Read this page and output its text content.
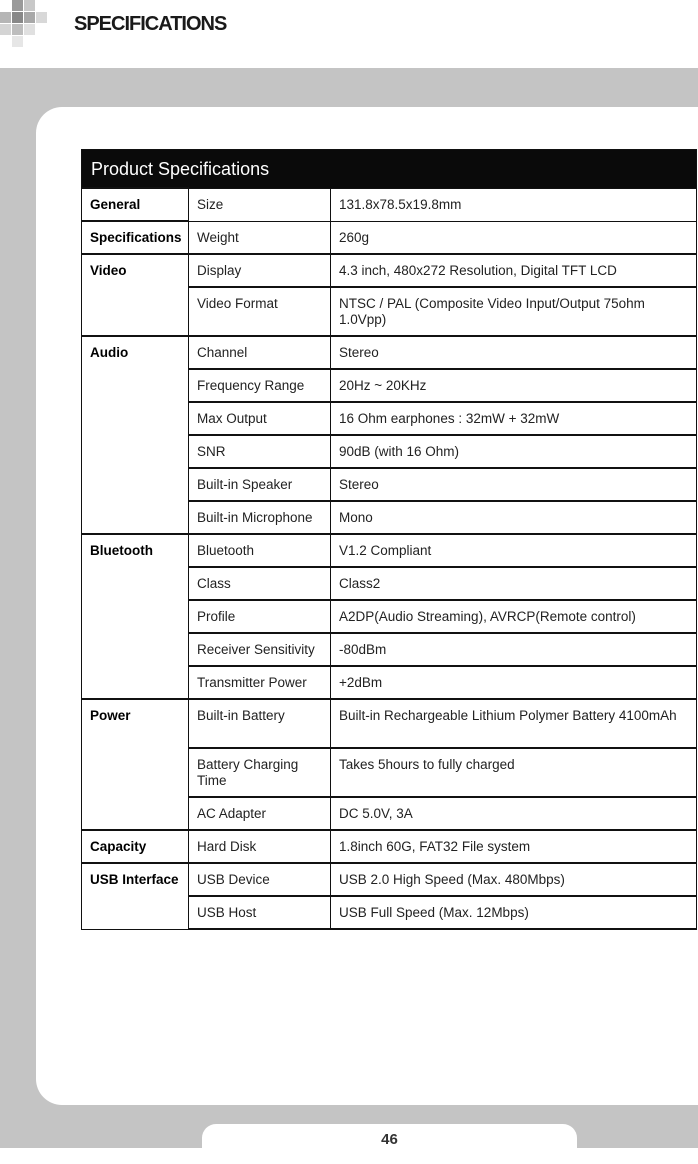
SPECIFICATIONS
Product Specifications		
General	Size	131.8x78.5x19.8mm
Specifications	Weight	260g
Video	Display	4.3 inch, 480x272 Resolution, Digital TFT LCD
	Video Format	NTSC / PAL (Composite Video Input/Output 75ohm 1.0Vpp)
Audio	Channel	Stereo
	Frequency Range	20Hz ~ 20KHz
	Max Output	16 Ohm earphones : 32mW + 32mW
	SNR	90dB (with 16 Ohm)
	Built-in Speaker	Stereo
	Built-in Microphone	Mono
Bluetooth	Bluetooth	V1.2 Compliant
	Class	Class2
	Profile	A2DP(Audio Streaming), AVRCP(Remote control)
	Receiver Sensitivity	-80dBm
	Transmitter Power	+2dBm
Power	Built-in Battery	Built-in Rechargeable Lithium Polymer Battery 4100mAh
	Battery Charging Time	Takes 5hours to fully charged
	AC Adapter	DC 5.0V, 3A
Capacity	Hard Disk	1.8inch 60G, FAT32 File system
USB Interface	USB Device	USB 2.0 High Speed (Max. 480Mbps)
	USB Host	USB Full Speed (Max. 12Mbps)
46
